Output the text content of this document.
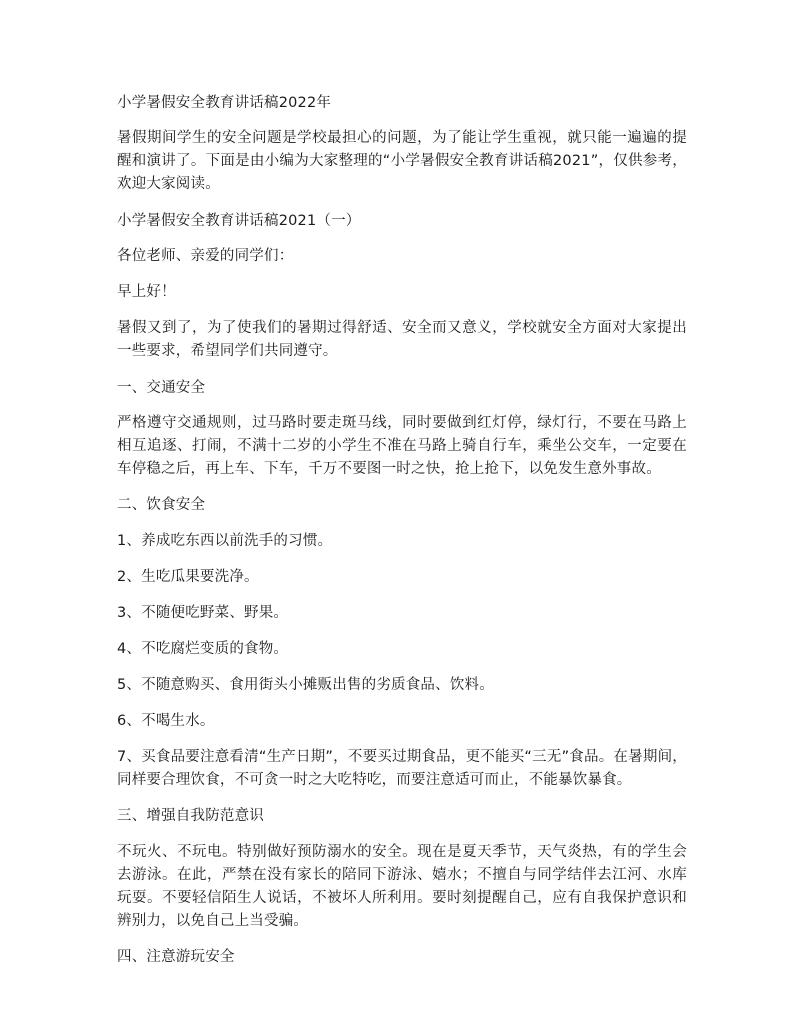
小学暑假安全教育讲话稿2022年

暑假期间学生的安全问题是学校最担心的问题，为了能让学生重视，就只能一遍遍的提醒和演讲了。下面是由小编为大家整理的“小学暑假安全教育讲话稿2021”，仅供参考，欢迎大家阅读。

小学暑假安全教育讲话稿2021（一）

各位老师、亲爱的同学们：

早上好！

暑假又到了，为了使我们的暑期过得舒适、安全而又意义，学校就安全方面对大家提出一些要求，希望同学们共同遵守。

一、交通安全

严格遵守交通规则，过马路时要走斑马线，同时要做到红灯停，绿灯行，不要在马路上相互追逐、打闹，不满十二岁的小学生不准在马路上骑自行车，乘坐公交车，一定要在车停稳之后，再上车、下车，千万不要图一时之快，抢上抢下，以免发生意外事故。

二、饮食安全

1、养成吃东西以前洗手的习惯。

2、生吃瓜果要洗净。

3、不随便吃野菜、野果。

4、不吃腐烂变质的食物。

5、不随意购买、食用街头小摊贩出售的劣质食品、饮料。

6、不喝生水。

7、买食品要注意看清“生产日期”，不要买过期食品，更不能买“三无”食品。在暑期间，同样要合理饮食，不可贪一时之大吃特吃，而要注意适可而止，不能暴饮暴食。

三、增强自我防范意识

不玩火、不玩电。特别做好预防溺水的安全。现在是夏天季节，天气炎热，有的学生会去游泳。在此，严禁在没有家长的陪同下游泳、嬉水；不擅自与同学结伴去江河、水库玩耍。不要轻信陌生人说话，不被坏人所利用。要时刻提醒自己，应有自我保护意识和辨别力，以免自己上当受骗。

四、注意游玩安全
